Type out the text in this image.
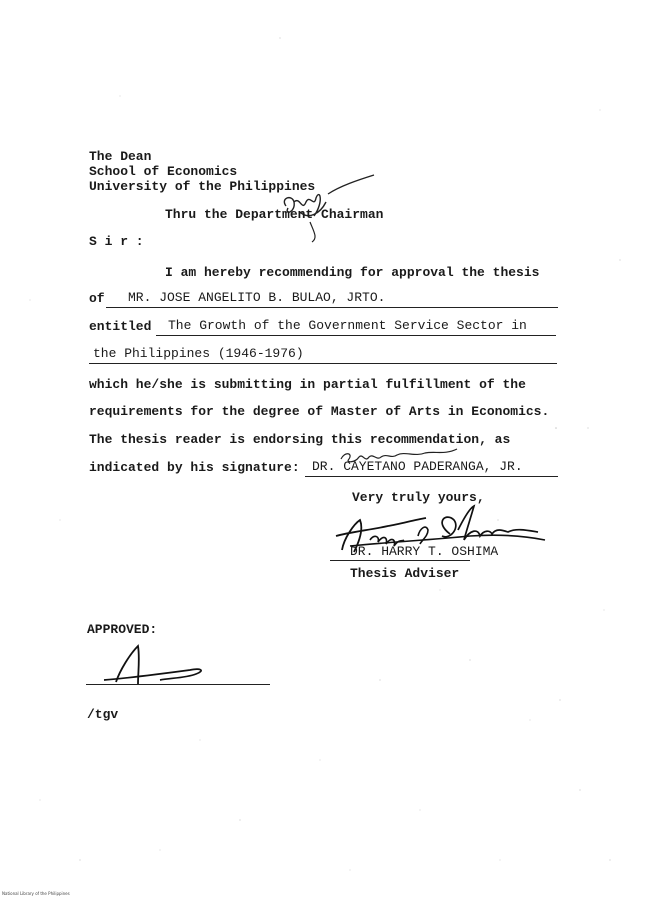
The Dean
School of Economics
University of the Philippines
Thru the Department Chairman
S i r :
I am hereby recommending for approval the thesis
of MR. JOSE ANGELITO B. BULAO, JRTO.
entitled The Growth of the Government Service Sector in
the Philippines (1946-1976)
which he/she is submitting in partial fulfillment of the
requirements for the degree of Master of Arts in Economics.
The thesis reader is endorsing this recommendation, as
indicated by his signature: DR. CAYETANO PADERANGA, JR.
Very truly yours,
DR. HARRY T. OSHIMA
Thesis Adviser
APPROVED:
/tgv
National Library of the Philippines
